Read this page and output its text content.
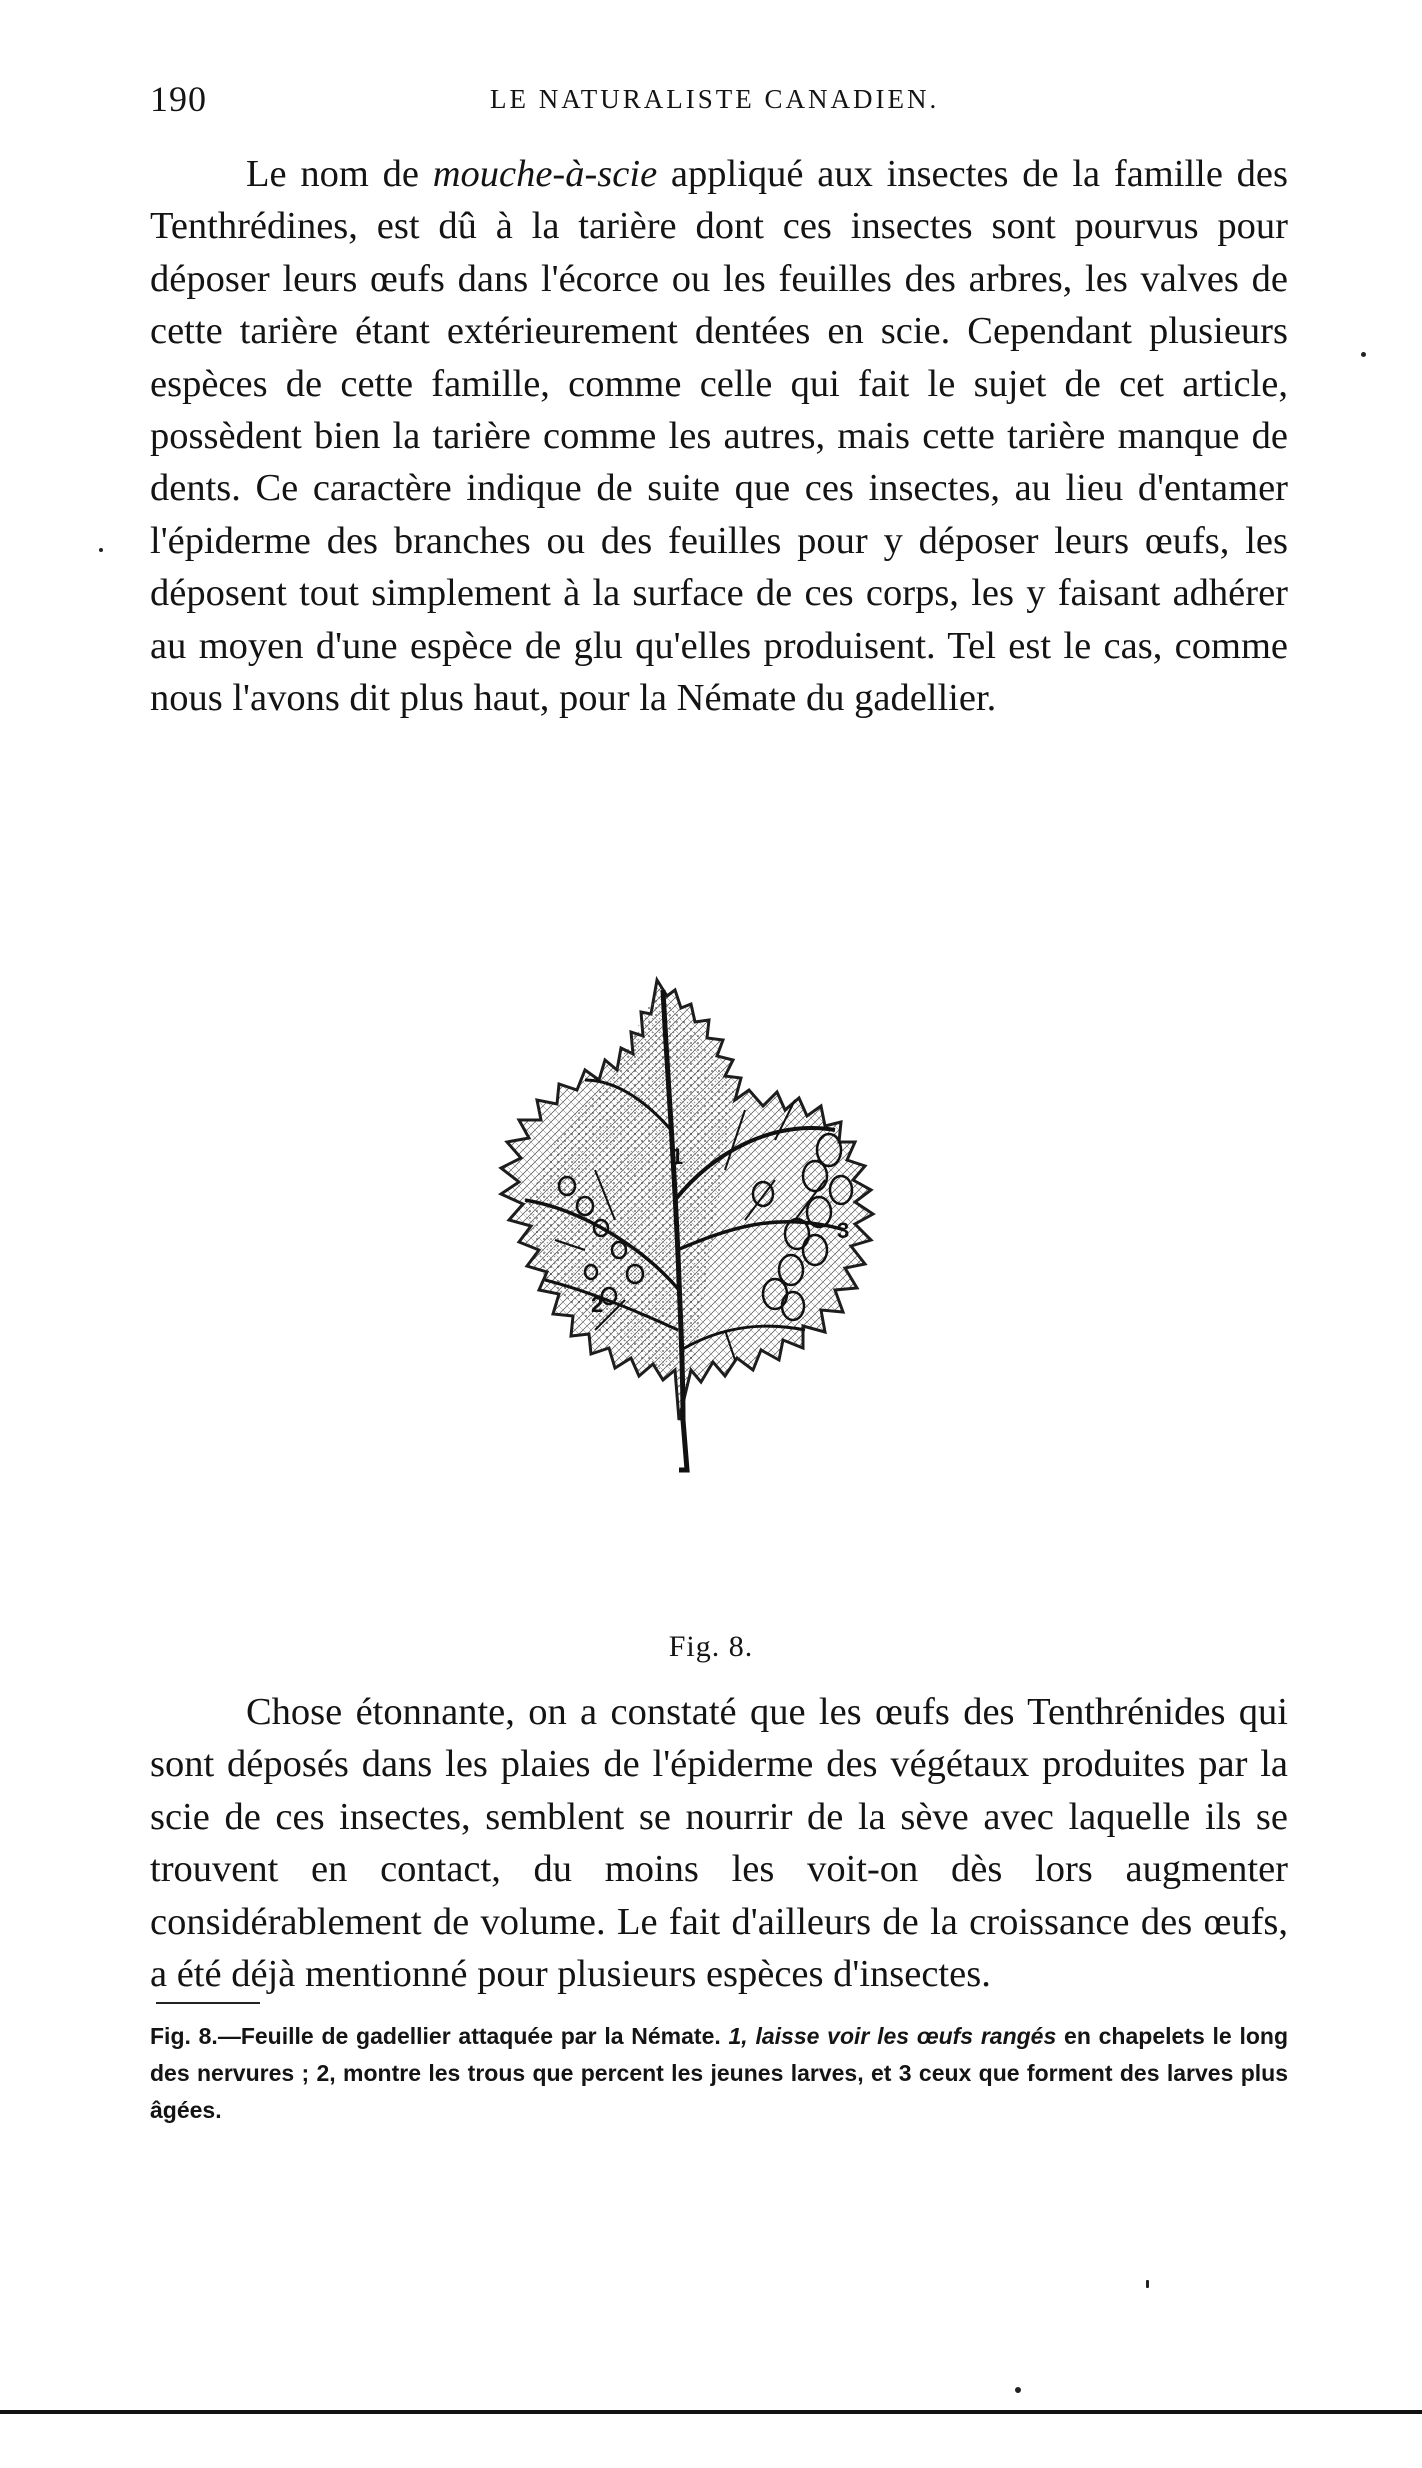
190	LE NATURALISTE CANADIEN.

Le nom de mouche-à-scie appliqué aux insectes de la famille des Tenthrédines, est dû à la tarière dont ces insectes sont pourvus pour déposer leurs œufs dans l'écorce ou les feuilles des arbres, les valves de cette tarière étant extérieurement dentées en scie. Cependant plusieurs espèces de cette famille, comme celle qui fait le sujet de cet article, possèdent bien la tarière comme les autres, mais cette tarière manque de dents. Ce caractère indique de suite que ces insectes, au lieu d'entamer l'épiderme des branches ou des feuilles pour y déposer leurs œufs, les déposent tout simplement à la surface de ces corps, les y faisant adhérer au moyen d'une espèce de glu qu'elles produisent. Tel est le cas, comme nous l'avons dit plus haut, pour la Némate du gadellier.

1
2
3
Fig. 8.

Chose étonnante, on a constaté que les œufs des Tenthrénides qui sont déposés dans les plaies de l'épiderme des végétaux produites par la scie de ces insectes, semblent se nourrir de la sève avec laquelle ils se trouvent en contact, du moins les voit-on dès lors augmenter considérablement de volume. Le fait d'ailleurs de la croissance des œufs, a été déjà mentionné pour plusieurs espèces d'insectes.

Fig. 8.—Feuille de gadellier attaquée par la Némate. 1, laisse voir les œufs rangés en chapelets le long des nervures ; 2, montre les trous que percent les jeunes larves, et 3 ceux que forment des larves plus âgées.
